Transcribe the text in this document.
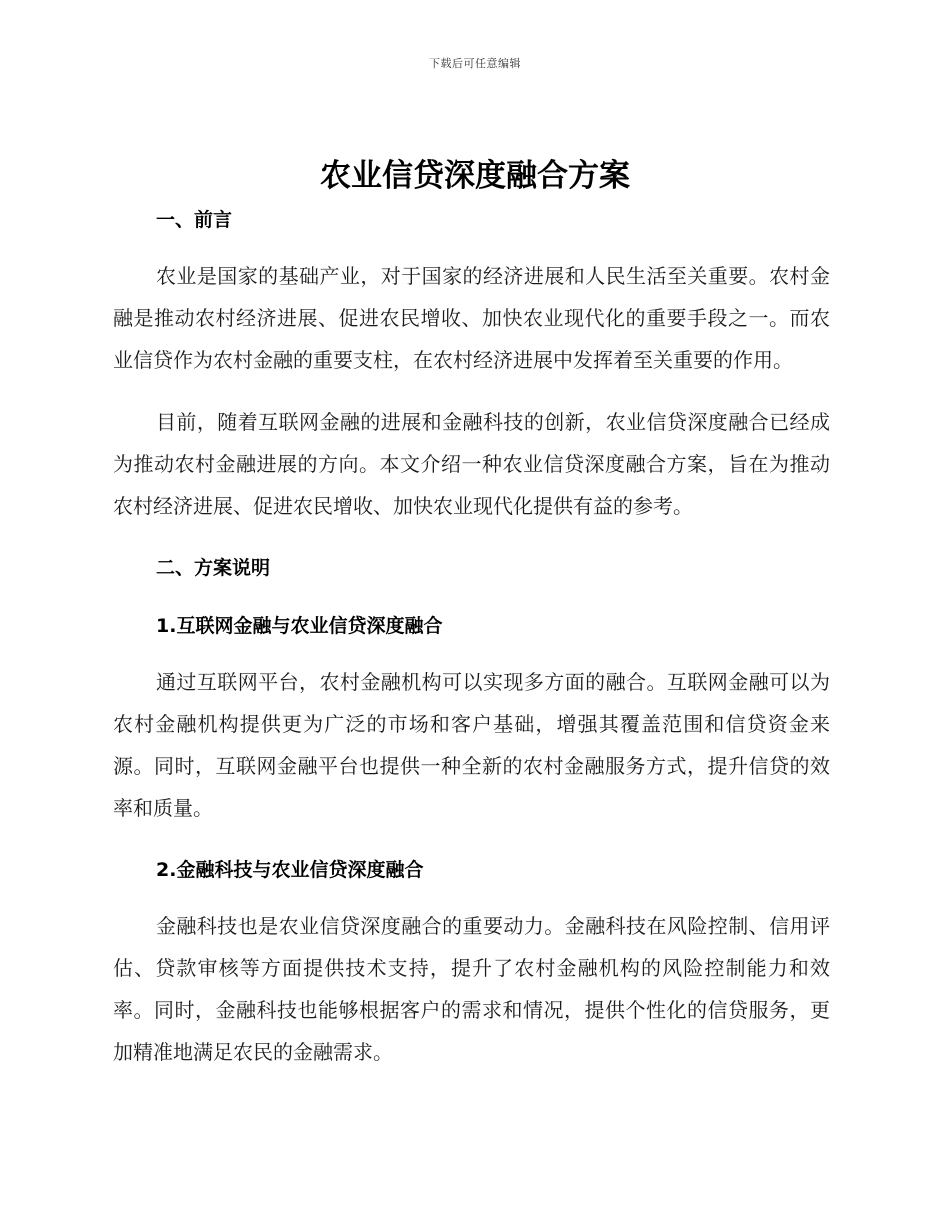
下载后可任意编辑
农业信贷深度融合方案
一、前言

农业是国家的基础产业，对于国家的经济进展和人民生活至关重要。农村金融是推动农村经济进展、促进农民增收、加快农业现代化的重要手段之一。而农业信贷作为农村金融的重要支柱，在农村经济进展中发挥着至关重要的作用。

目前，随着互联网金融的进展和金融科技的创新，农业信贷深度融合已经成为推动农村金融进展的方向。本文介绍一种农业信贷深度融合方案，旨在为推动农村经济进展、促进农民增收、加快农业现代化提供有益的参考。

二、方案说明
1.互联网金融与农业信贷深度融合

通过互联网平台，农村金融机构可以实现多方面的融合。互联网金融可以为农村金融机构提供更为广泛的市场和客户基础，增强其覆盖范围和信贷资金来源。同时，互联网金融平台也提供一种全新的农村金融服务方式，提升信贷的效率和质量。

2.金融科技与农业信贷深度融合

金融科技也是农业信贷深度融合的重要动力。金融科技在风险控制、信用评估、贷款审核等方面提供技术支持，提升了农村金融机构的风险控制能力和效率。同时，金融科技也能够根据客户的需求和情况，提供个性化的信贷服务，更加精准地满足农民的金融需求。
